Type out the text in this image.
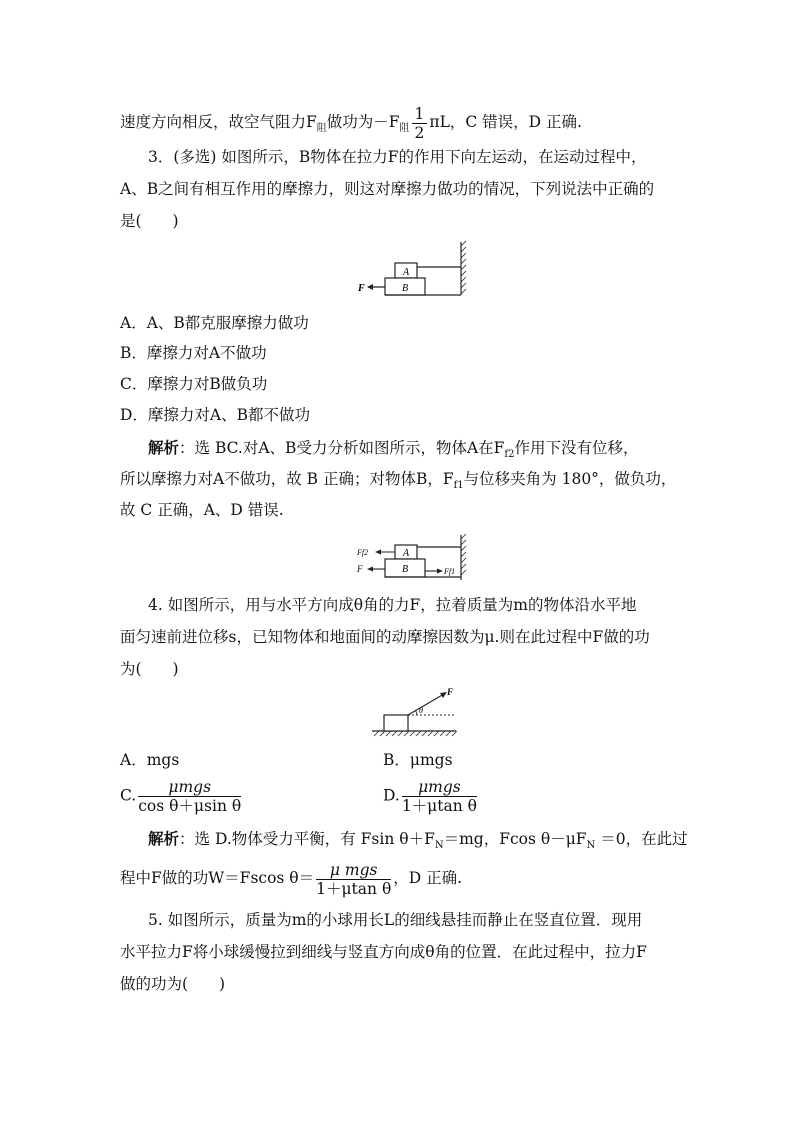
速度方向相反，故空气阻力$F_阻$做功为$-F_阻 \frac{1}{2}$ πL，C 错误，D 正确.
3．(多选) 如图所示，B物体在拉力F的作用下向左运动，在运动过程中，
A、B之间有相互作用的摩擦力，则这对摩擦力做功的情况，下列说法中正确的
是(　　)
A
B
F
A．A、B都克服摩擦力做功
B．摩擦力对A不做功
C．摩擦力对B做负功
D．摩擦力对A、B都不做功
解析：选 BC.对A、B受力分析如图所示，物体A在$F_{f2}$作用下没有位移，
所以摩擦力对A不做功，故 B 正确；对物体B，$F_{f1}$与位移夹角为 180°，做负功，
故 C 正确，A、D 错误.
A
B
Ff2
F	Ff1
4. 如图所示，用与水平方向成θ角的力F，拉着质量为m的物体沿水平地
面匀速前进位移s，已知物体和地面间的动摩擦因数为μ.则在此过程中F做的功
为(　　)
F
θ
A．mgs	B．μmgs
C. $\frac{\text{μmgs}}{\text{cos θ＋μsin θ}}$	D. $\frac{\text{μmgs}}{\text{1＋μtan θ}}$
解析：选 D.物体受力平衡，有 Fsin $\theta+F_N=mg$，Fcos $\theta-\mu F_N =0$，在此过
程中F做的功W＝Fscos $\theta= \frac{\text{μ mgs}}{\text{1＋μtan θ}}$ ，D 正确.
5. 如图所示，质量为m的小球用长L的细线悬挂而静止在竖直位置．现用
水平拉力F将小球缓慢拉到细线与竖直方向成θ角的位置．在此过程中，拉力F
做的功为(　　)
